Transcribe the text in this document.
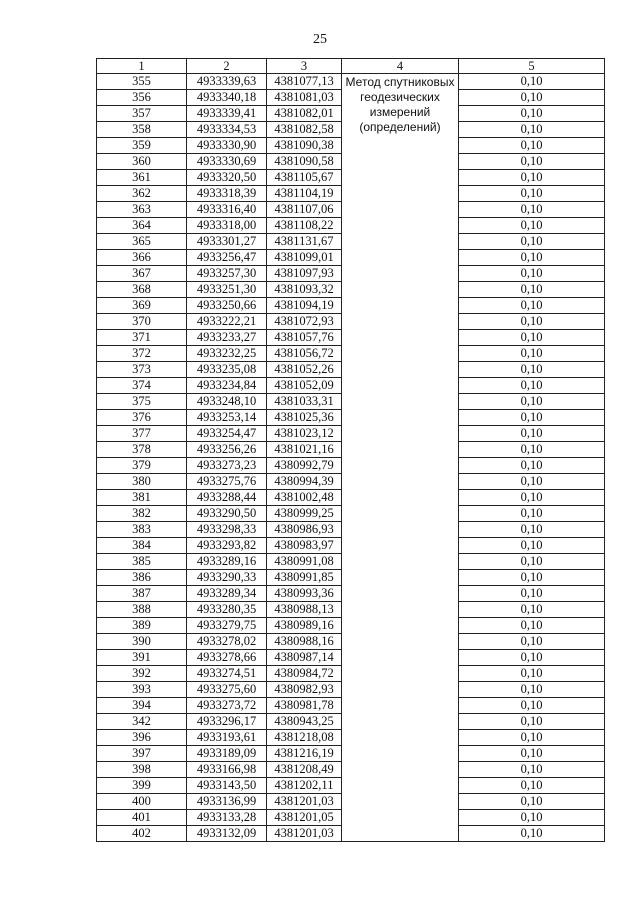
25
1	2	3	4	5
355	4933339,63	4381077,13	Метод спутниковых геодезических измерений (определений)	0,10
356	4933340,18	4381081,03		0,10
357	4933339,41	4381082,01		0,10
358	4933334,53	4381082,58		0,10
359	4933330,90	4381090,38		0,10
360	4933330,69	4381090,58		0,10
361	4933320,50	4381105,67		0,10
362	4933318,39	4381104,19		0,10
363	4933316,40	4381107,06		0,10
364	4933318,00	4381108,22		0,10
365	4933301,27	4381131,67		0,10
366	4933256,47	4381099,01		0,10
367	4933257,30	4381097,93		0,10
368	4933251,30	4381093,32		0,10
369	4933250,66	4381094,19		0,10
370	4933222,21	4381072,93		0,10
371	4933233,27	4381057,76		0,10
372	4933232,25	4381056,72		0,10
373	4933235,08	4381052,26		0,10
374	4933234,84	4381052,09		0,10
375	4933248,10	4381033,31		0,10
376	4933253,14	4381025,36		0,10
377	4933254,47	4381023,12		0,10
378	4933256,26	4381021,16		0,10
379	4933273,23	4380992,79		0,10
380	4933275,76	4380994,39		0,10
381	4933288,44	4381002,48		0,10
382	4933290,50	4380999,25		0,10
383	4933298,33	4380986,93		0,10
384	4933293,82	4380983,97		0,10
385	4933289,16	4380991,08		0,10
386	4933290,33	4380991,85		0,10
387	4933289,34	4380993,36		0,10
388	4933280,35	4380988,13		0,10
389	4933279,75	4380989,16		0,10
390	4933278,02	4380988,16		0,10
391	4933278,66	4380987,14		0,10
392	4933274,51	4380984,72		0,10
393	4933275,60	4380982,93		0,10
394	4933273,72	4380981,78		0,10
342	4933296,17	4380943,25		0,10
396	4933193,61	4381218,08		0,10
397	4933189,09	4381216,19		0,10
398	4933166,98	4381208,49		0,10
399	4933143,50	4381202,11		0,10
400	4933136,99	4381201,03		0,10
401	4933133,28	4381201,05		0,10
402	4933132,09	4381201,03		0,10
